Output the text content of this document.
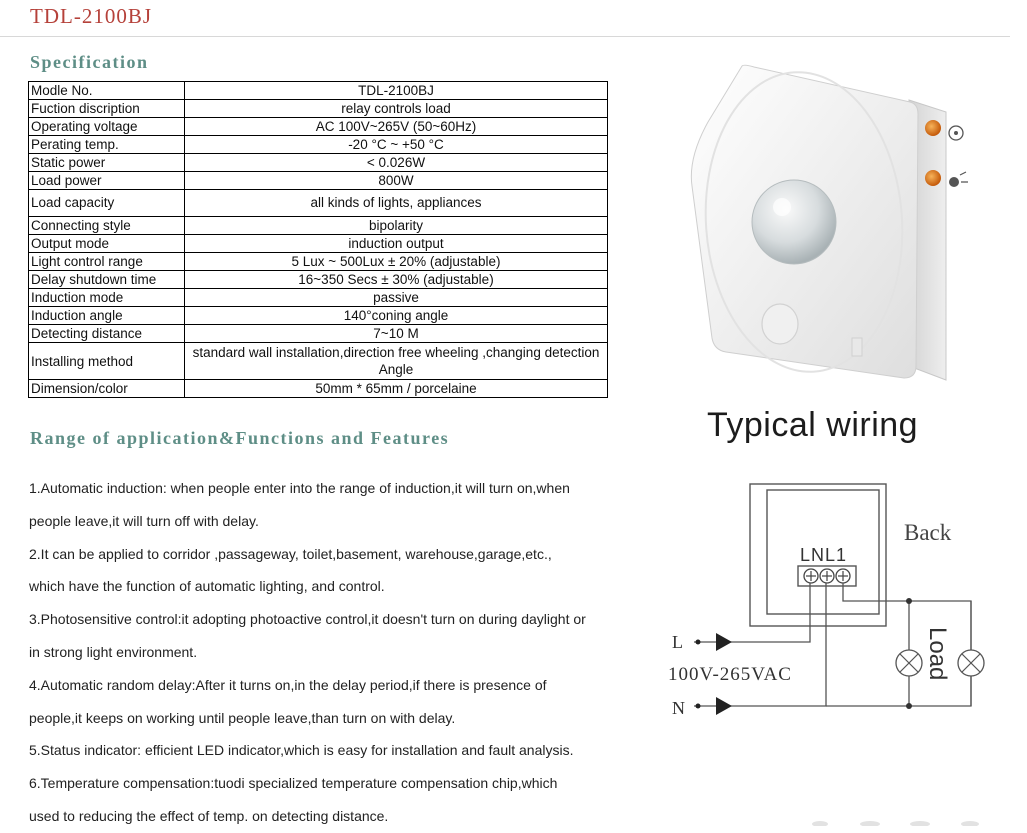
TDL-2100BJ
Specification
Modle No.	TDL-2100BJ
Fuction discription	relay controls load
Operating voltage	AC 100V~265V (50~60Hz)
Perating temp.	-20 °C ~ +50 °C
Static power	< 0.026W
Load power	800W
Load capacity	all kinds of lights, appliances
Connecting style	bipolarity
Output mode	induction output
Light control range	5 Lux ~ 500Lux ± 20% (adjustable)
Delay shutdown time	16~350 Secs ± 30% (adjustable)
Induction mode	passive
Induction angle	140°coning angle
Detecting distance	7~10 M
Installing method	standard wall installation,direction free wheeling ,changing detection Angle
Dimension/color	50mm * 65mm / porcelaine
Range of application&Functions and Features

1.Automatic induction: when people enter into the range of induction,it will turn on,when

people leave,it will turn off with delay.

2.It can be applied to corridor ,passageway, toilet,basement, warehouse,garage,etc.,

which have the function of automatic lighting, and control.

3.Photosensitive control:it adopting photoactive control,it doesn't turn on during daylight or

in strong light environment.

4.Automatic random delay:After it turns on,in the delay period,if there is presence of

people,it keeps on working until people leave,than turn on with delay.

5.Status indicator: efficient LED indicator,which is easy for installation and fault analysis.

6.Temperature compensation:tuodi specialized temperature compensation chip,which

used to reducing the effect of temp. on detecting distance.

Typical wiring
LNL1
Back
L
N
100V-265VAC	Load
